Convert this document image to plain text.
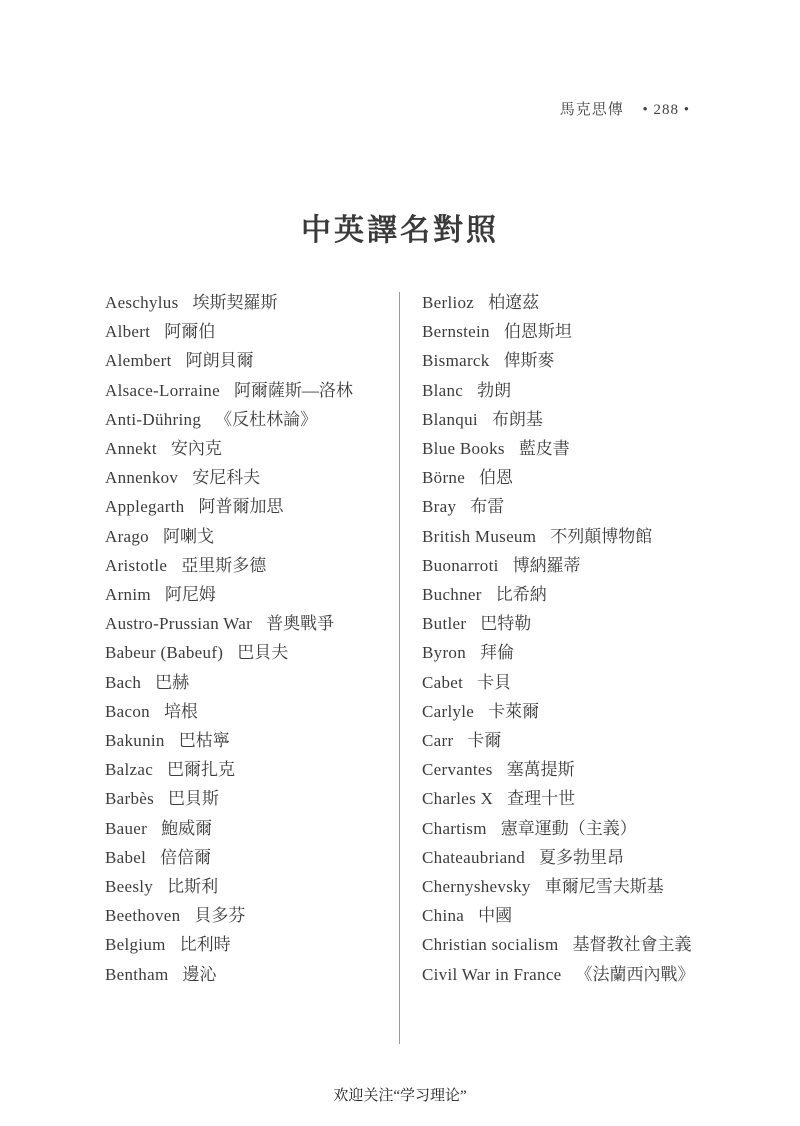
馬克思傳 • 288 •
中英譯名對照
Aeschylus 埃斯契羅斯
Albert 阿爾伯
Alembert 阿朗貝爾
Alsace-Lorraine 阿爾薩斯—洛林
Anti-Dühring 《反杜林論》
Annekt 安內克
Annenkov 安尼科夫
Applegarth 阿普爾加思
Arago 阿喇戈
Aristotle 亞里斯多德
Arnim 阿尼姆
Austro-Prussian War 普奧戰爭
Babeur (Babeuf) 巴貝夫
Bach 巴赫
Bacon 培根
Bakunin 巴枯寧
Balzac 巴爾扎克
Barbès 巴貝斯
Bauer 鮑威爾
Babel 倍倍爾
Beesly 比斯利
Beethoven 貝多芬
Belgium 比利時
Bentham 邊沁
Berlioz 柏遼茲
Bernstein 伯恩斯坦
Bismarck 俾斯麥
Blanc 勃朗
Blanqui 布朗基
Blue Books 藍皮書
Börne 伯恩
Bray 布雷
British Museum 不列顛博物館
Buonarroti 博納羅蒂
Buchner 比希納
Butler 巴特勒
Byron 拜倫
Cabet 卡貝
Carlyle 卡萊爾
Carr 卡爾
Cervantes 塞萬提斯
Charles X 查理十世
Chartism 憲章運動（主義）
Chateaubriand 夏多勃里昂
Chernyshevsky 車爾尼雪夫斯基
China 中國
Christian socialism 基督教社會主義
Civil War in France 《法蘭西內戰》
欢迎关注“学习理论”
